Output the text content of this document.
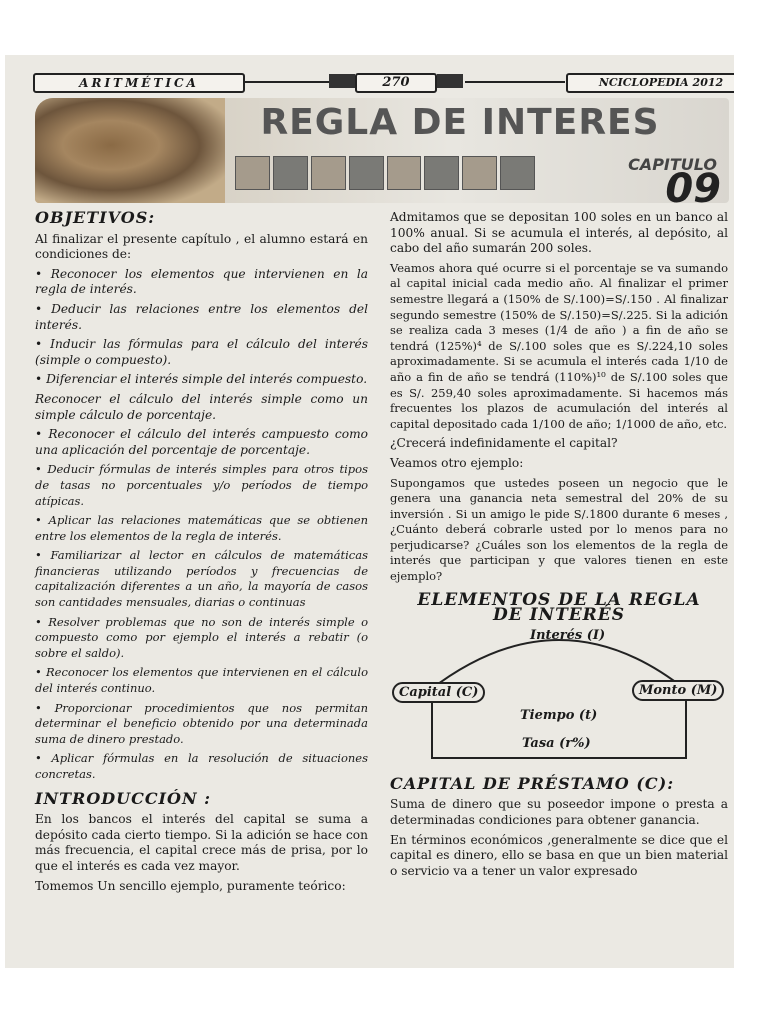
ARITMÉTICA	270	NCICLOPEDIA 2012
REGLA DE INTERES
CAPITULO
09
OBJETIVOS:

Al finalizar el presente capítulo , el alumno estará en condiciones de:

• Reconocer los elementos que intervienen en la regla de interés.

• Deducir las relaciones entre los elementos del interés.

• Inducir las fórmulas para el cálculo del interés (simple o compuesto).

• Diferenciar el interés simple del interés compuesto.

Reconocer el cálculo del interés simple como un simple cálculo de porcentaje.

• Reconocer el cálculo del interés campuesto como una aplicación del porcentaje de porcentaje.

• Deducir fórmulas de interés simples para otros tipos de tasas no porcentuales y/o períodos de tiempo atípicas.

• Aplicar las relaciones matemáticas que se obtienen entre los elementos de la regla de interés.

• Familiarizar al lector en cálculos de matemáticas financieras utilizando períodos y frecuencias de capitalización diferentes a un año, la mayoría de casos son cantidades mensuales, diarias o continuas

• Resolver problemas que no son de interés simple o compuesto como por ejemplo el interés a rebatir (o sobre el saldo).

• Reconocer los elementos que intervienen en el cálculo del interés continuo.

• Proporcionar procedimientos que nos permitan determinar el beneficio obtenido por una determinada suma de dinero prestado.

• Aplicar fórmulas en la resolución de situaciones concretas.

INTRODUCCIÓN :

En los bancos el interés del capital se suma a depósito cada cierto tiempo. Si la adición se hace con más frecuencia, el capital crece más de prisa, por lo que el interés es cada vez mayor.

Tomemos Un sencillo ejemplo, puramente teórico:

Admitamos que se depositan 100 soles en un banco al 100% anual. Si se acumula el interés, al depósito, al cabo del año sumarán 200 soles.

Veamos ahora qué ocurre si el porcentaje se va sumando al capital inicial cada medio año. Al finalizar el primer semestre llegará a (150% de S/.100)=S/.150 . Al finalizar segundo semestre (150% de S/.150)=S/.225. Si la adición se realiza cada 3 meses (1/4 de año ) a fin de año se tendrá (125%)⁴ de S/.100 soles que es S/.224,10 soles aproximadamente. Si se acumula el interés cada 1/10 de año a fin de año se tendrá (110%)¹⁰ de S/.100 soles que es S/. 259,40 soles aproximadamente. Si hacemos más frecuentes los plazos de acumulación del interés al capital depositado cada 1/100 de año; 1/1000 de año, etc.

¿Crecerá indefinidamente el capital?

Veamos otro ejemplo:

Supongamos que ustedes poseen un negocio que le genera una ganancia neta semestral del 20% de su inversión . Si un amigo le pide S/.1800 durante 6 meses , ¿Cuánto deberá cobrarle usted por lo menos para no perjudicarse? ¿Cuáles son los elementos de la regla de interés que participan y que valores tienen en este ejemplo?

ELEMENTOS DE LA REGLA
DE INTERÉS
Interés (I)
Capital (C)	Monto (M)
Tiempo (t)
Tasa (r%)
CAPITAL DE PRÉSTAMO (C):

Suma de dinero que su poseedor impone o presta a determinadas condiciones para obtener ganancia.

En términos económicos ,generalmente se dice que el capital es dinero, ello se basa en que un bien material o servicio va a tener un valor expresado
